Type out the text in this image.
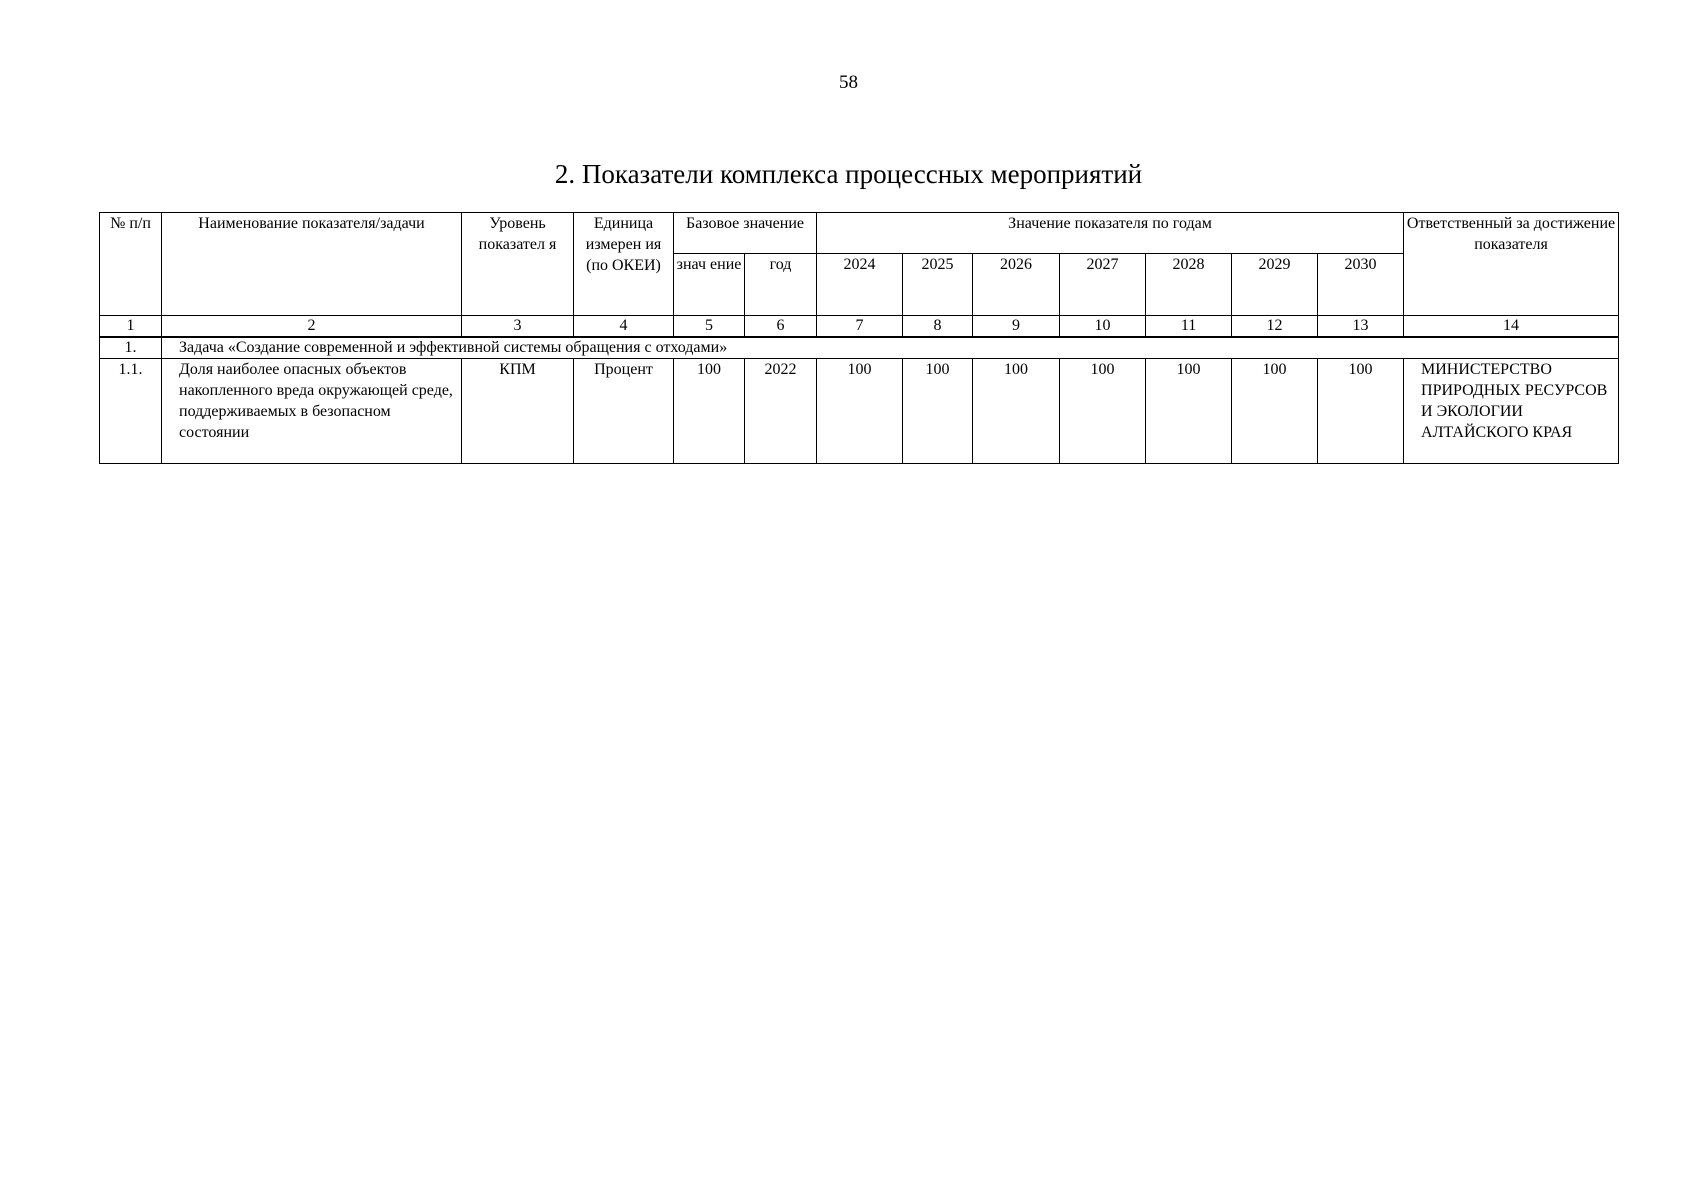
58
2. Показатели комплекса процессных мероприятий
№ п/п	Наименование показателя/задачи	Уровень показател я	Единица измерен ия (по ОКЕИ)	Базовое значение		Значение показателя по годам							Ответственный за достижение показателя
				знач ение	год	2024	2025	2026	2027	2028	2029	2030	
1	2	3	4	5	6	7	8	9	10	11	12	13	14
1.	Задача «Создание современной и эффективной системы обращения с отходами»												
1.1.	Доля наиболее опасных объектов накопленного вреда окружающей среде, поддерживаемых в безопасном состоянии	КПМ	Процент	100	2022	100	100	100	100	100	100	100	МИНИСТЕРСТВО ПРИРОДНЫХ РЕСУРСОВ И ЭКОЛОГИИ АЛТАЙСКОГО КРАЯ
